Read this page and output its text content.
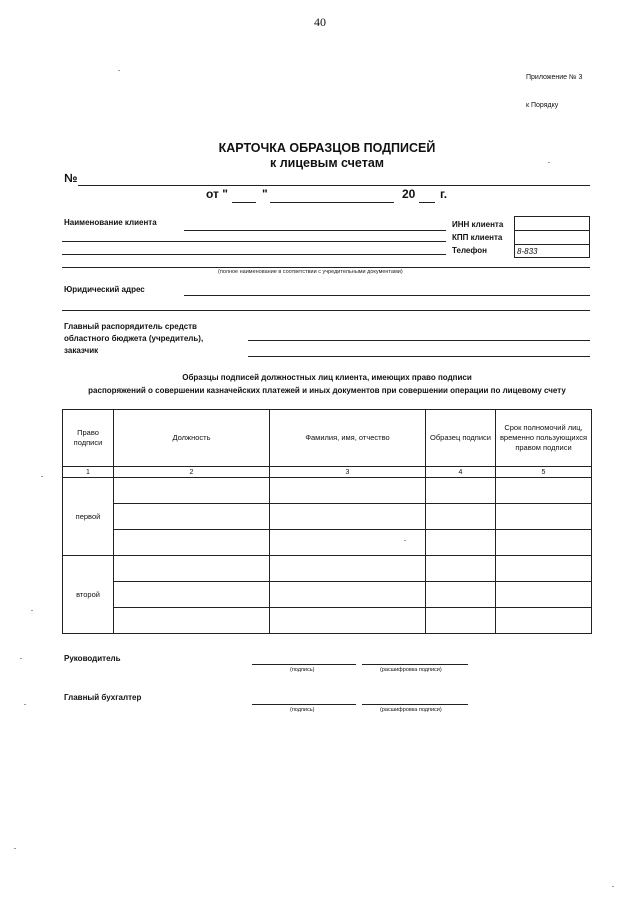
40
Приложение № 3
к Порядку
КАРТОЧКА ОБРАЗЦОВ ПОДПИСЕЙ
к лицевым счетам
№
от "	"	20 г.
Наименование клиента
(полное наименование в соответствии с учредительными документами)
ИНН клиента
КПП клиента
Телефон	8-833
Юридический адрес
Главный распорядитель средств
областного бюджета (учредитель),
заказчик
Образцы подписей должностных лиц клиента, имеющих право подписи
распоряжений о совершении казначейских платежей и иных документов при совершении операции по лицевому счету
Право подписи	Должность	Фамилия, имя, отчество	Образец подписи	Срок полномочий лиц, временно пользующихся правом подписи
1	2	3	4	5
первой				

второй				

Руководитель
(подпись)	(расшифровка подписи)
Главный бухгалтер
(подпись)	(расшифровка подписи)
